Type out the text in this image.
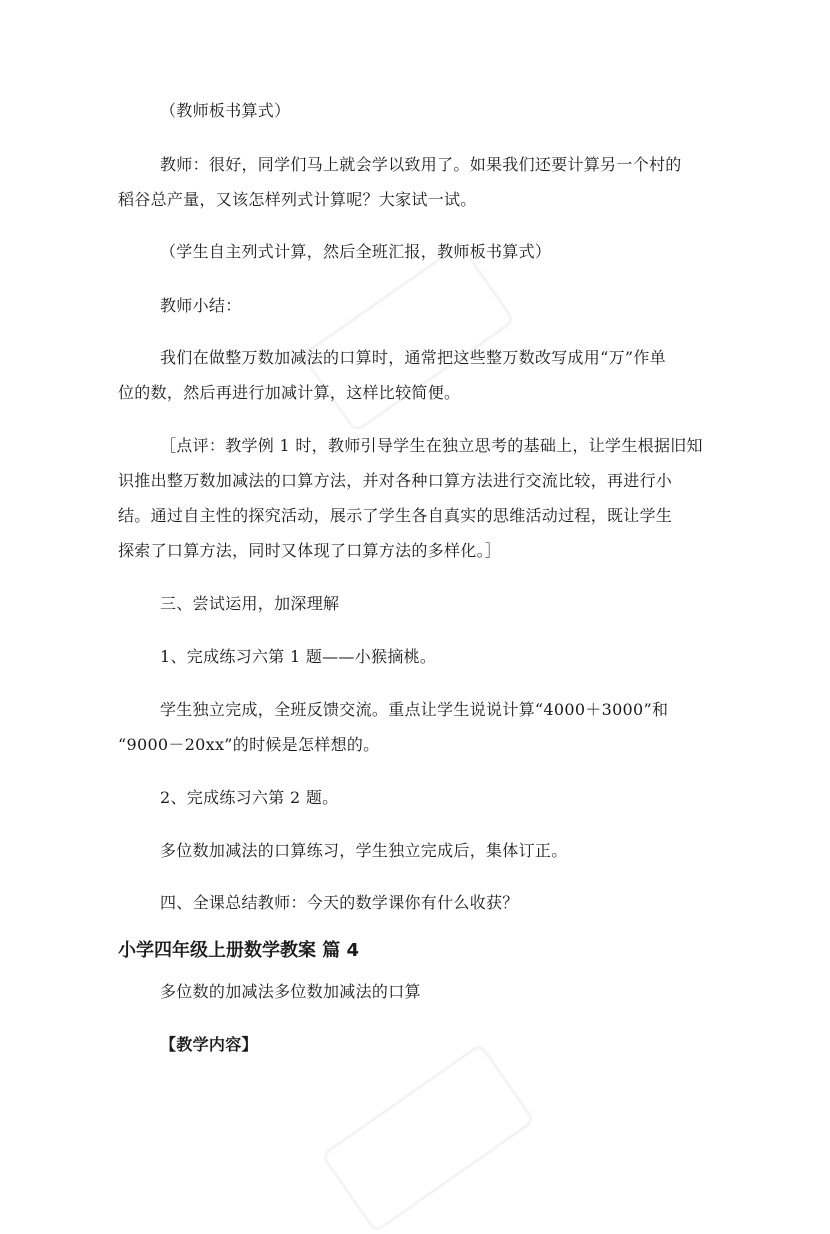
（教师板书算式）
教师：很好，同学们马上就会学以致用了。如果我们还要计算另一个村的
稻谷总产量，又该怎样列式计算呢？大家试一试。
（学生自主列式计算，然后全班汇报，教师板书算式）
教师小结：
我们在做整万数加减法的口算时，通常把这些整万数改写成用“万”作单
位的数，然后再进行加减计算，这样比较简便。
［点评：教学例 1 时，教师引导学生在独立思考的基础上，让学生根据旧知
识推出整万数加减法的口算方法，并对各种口算方法进行交流比较，再进行小
结。通过自主性的探究活动，展示了学生各自真实的思维活动过程，既让学生
探索了口算方法，同时又体现了口算方法的多样化。］
三、尝试运用，加深理解
1、完成练习六第 1 题——小猴摘桃。
学生独立完成，全班反馈交流。重点让学生说说计算“4000＋3000”和
“9000－20xx”的时候是怎样想的。
2、完成练习六第 2 题。
多位数加减法的口算练习，学生独立完成后，集体订正。
四、全课总结教师：今天的数学课你有什么收获？
小学四年级上册数学教案 篇 4
多位数的加减法多位数加减法的口算
【教学内容】
